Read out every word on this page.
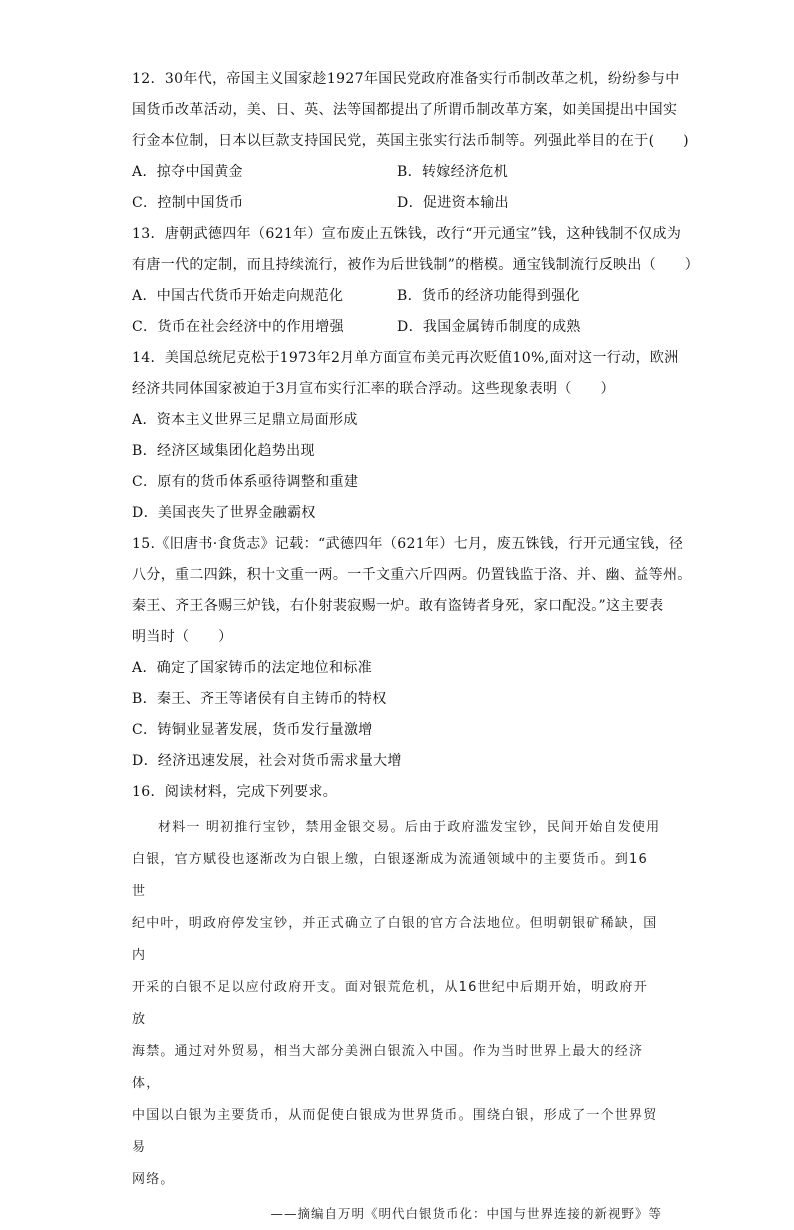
12．30年代，帝国主义国家趁1927年国民党政府准备实行币制改革之机，纷纷参与中
国货币改革活动，美、日、英、法等国都提出了所谓币制改革方案，如美国提出中国实
行金本位制，日本以巨款支持国民党，英国主张实行法币制等。列强此举目的在于(　　)
A．掠夺中国黄金	B．转嫁经济危机
C．控制中国货币	D．促进资本输出
13．唐朝武德四年（621年）宣布废止五铢钱，改行“开元通宝”钱，这种钱制不仅成为
有唐一代的定制，而且持续流行，被作为后世钱制”的楷模。通宝钱制流行反映出（　　）
A．中国古代货币开始走向规范化	B．货币的经济功能得到强化
C．货币在社会经济中的作用增强	D．我国金属铸币制度的成熟
14．美国总统尼克松于1973年2月单方面宣布美元再次贬值10%,面对这一行动，欧洲
经济共同体国家被迫于3月宣布实行汇率的联合浮动。这些现象表明（　　）
A．资本主义世界三足鼎立局面形成
B．经济区域集团化趋势出现
C．原有的货币体系亟待调整和重建
D．美国丧失了世界金融霸权
15.《旧唐书·食货志》记载：“武德四年（621年）七月，废五铢钱，行开元通宝钱，径
八分，重二四銖，积十文重一两。一千文重六斤四两。仍置钱监于洛、并、幽、益等州。
秦王、齐王各赐三炉钱，右仆射裴寂赐一炉。敢有盗铸者身死，家口配没。”这主要表
明当时（　　）
A．确定了国家铸币的法定地位和标准
B．秦王、齐王等诸侯有自主铸币的特权
C．铸铜业显著发展，货币发行量激增
D．经济迅速发展，社会对货币需求量大增
16．阅读材料，完成下列要求。
材料一 明初推行宝钞，禁用金银交易。后由于政府滥发宝钞，民间开始自发使用
白银，官方赋役也逐渐改为白银上缴，白银逐渐成为流通领域中的主要货币。到16世
纪中叶，明政府停发宝钞，并正式确立了白银的官方合法地位。但明朝银矿稀缺，国内
开采的白银不足以应付政府开支。面对银荒危机，从16世纪中后期开始，明政府开放
海禁。通过对外贸易，相当大部分美洲白银流入中国。作为当时世界上最大的经济体，
中国以白银为主要货币，从而促使白银成为世界货币。围绕白银，形成了一个世界贸易
网络。
——摘编自万明《明代白银货币化：中国与世界连接的新视野》等
